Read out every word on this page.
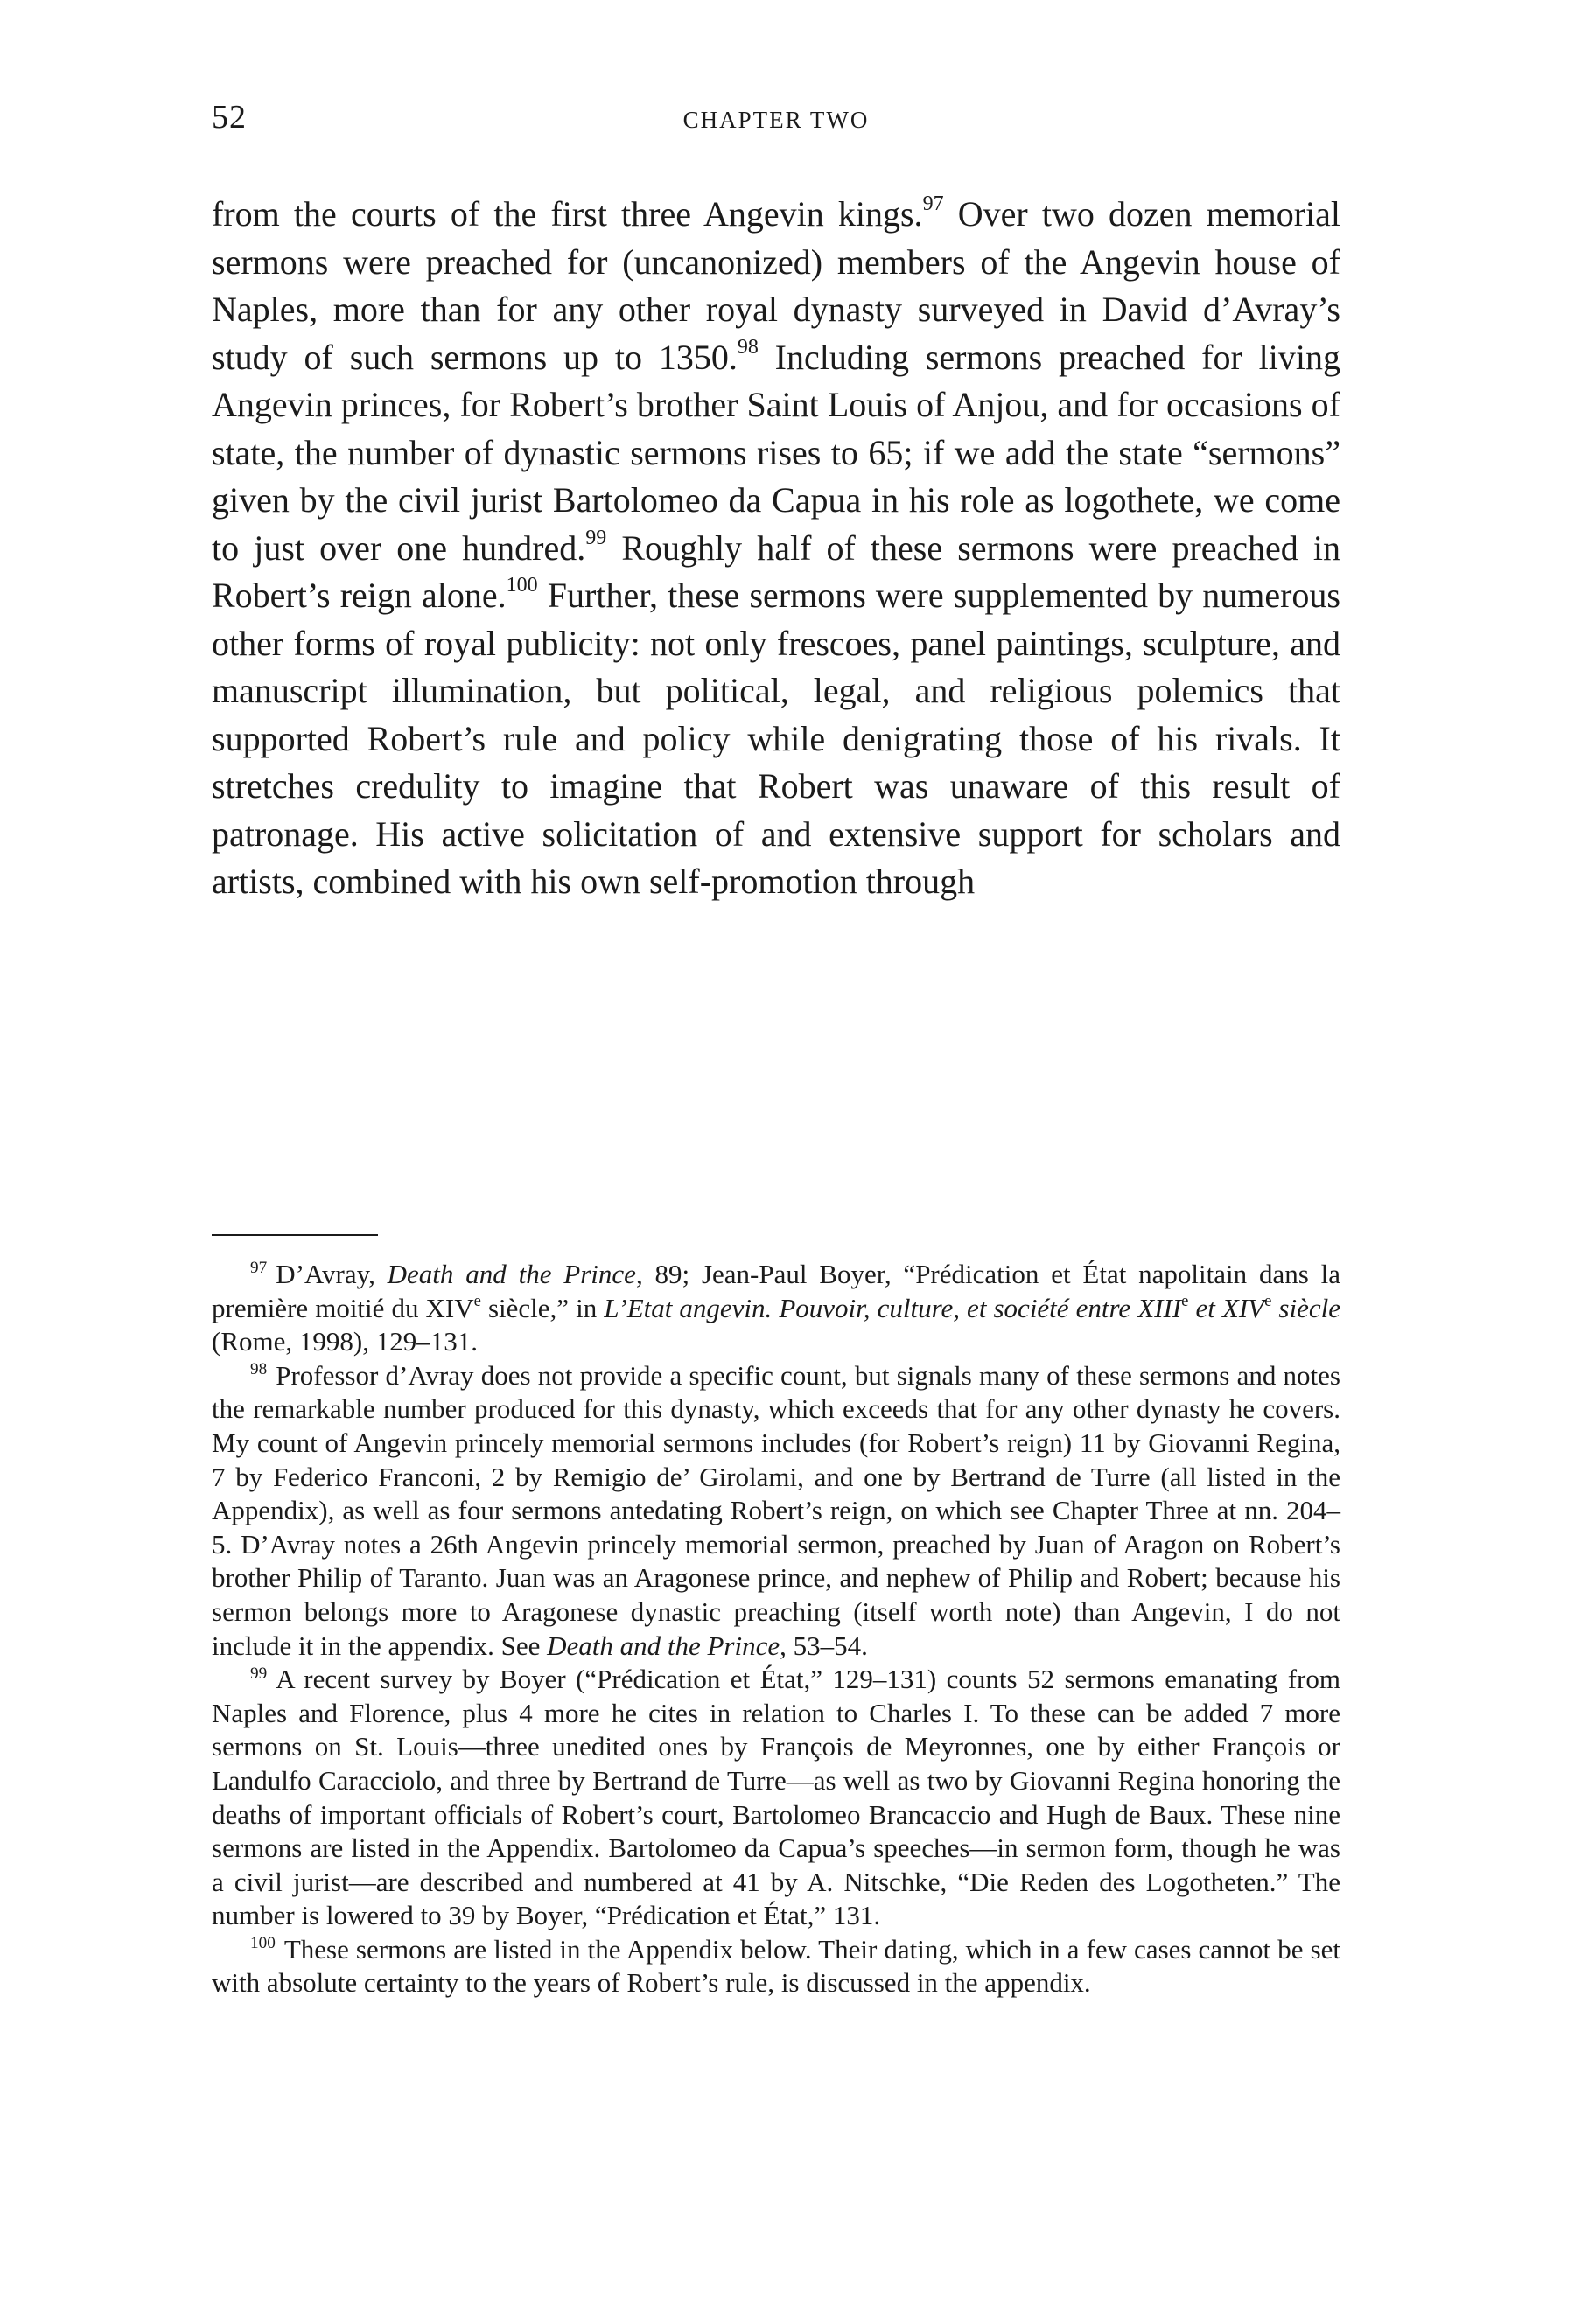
52	CHAPTER TWO

from the courts of the first three Angevin kings.$^{97}$ Over two dozen memorial sermons were preached for (uncanonized) members of the Angevin house of Naples, more than for any other royal dynasty surveyed in David d’Avray’s study of such sermons up to 1350.98 Including sermons preached for living Angevin princes, for Robert’s brother Saint Louis of Anjou, and for occasions of state, the number of dynastic sermons rises to 65; if we add the state “sermons” given by the civil jurist Bartolomeo da Capua in his role as logothete, we come to just over one hundred.$^{99}$ Roughly half of these sermons were preached in Robert’s reign alone.$^{100}$ Further, these sermons were supplemented by numerous other forms of royal publicity: not only frescoes, panel paintings, sculpture, and manuscript illumination, but political, legal, and religious polemics that supported Robert’s rule and policy while denigrating those of his rivals. It stretches credulity to imagine that Robert was unaware of this result of patronage. His active solicitation of and extensive support for scholars and artists, combined with his own self-promotion through

$^{97}$ D’Avray, Death and the Prince, 89; Jean-Paul Boyer, “Prédication et État napolitain dans la première moitié du XIVe siècle,” in L’Etat angevin. Pouvoir, culture, et société entre XIIIe et XIVe siècle (Rome, 1998), 129–131.

$^{98}$ Professor d’Avray does not provide a specific count, but signals many of these sermons and notes the remarkable number produced for this dynasty, which exceeds that for any other dynasty he covers. My count of Angevin princely memorial sermons includes (for Robert’s reign) 11 by Giovanni Regina, 7 by Federico Franconi, 2 by Remigio de’ Girolami, and one by Bertrand de Turre (all listed in the Appendix), as well as four sermons antedating Robert’s reign, on which see Chapter Three at nn. 204–5. D’Avray notes a 26th Angevin princely memorial sermon, preached by Juan of Aragon on Robert’s brother Philip of Taranto. Juan was an Aragonese prince, and nephew of Philip and Robert; because his sermon belongs more to Aragonese dynastic preaching (itself worth note) than Angevin, I do not include it in the appendix. See Death and the Prince, 53–54.

$^{99}$ A recent survey by Boyer (“Prédication et État,” 129–131) counts 52 sermons emanating from Naples and Florence, plus 4 more he cites in relation to Charles I. To these can be added 7 more sermons on St. Louis—three unedited ones by François de Meyronnes, one by either François or Landulfo Caracciolo, and three by Bertrand de Turre—as well as two by Giovanni Regina honoring the deaths of important officials of Robert’s court, Bartolomeo Brancaccio and Hugh de Baux. These nine sermons are listed in the Appendix. Bartolomeo da Capua’s speeches—in sermon form, though he was a civil jurist—are described and numbered at 41 by A. Nitschke, “Die Reden des Logotheten.” The number is lowered to 39 by Boyer, “Prédication et État,” 131.

$^{100}$ These sermons are listed in the Appendix below. Their dating, which in a few cases cannot be set with absolute certainty to the years of Robert’s rule, is discussed in the appendix.
